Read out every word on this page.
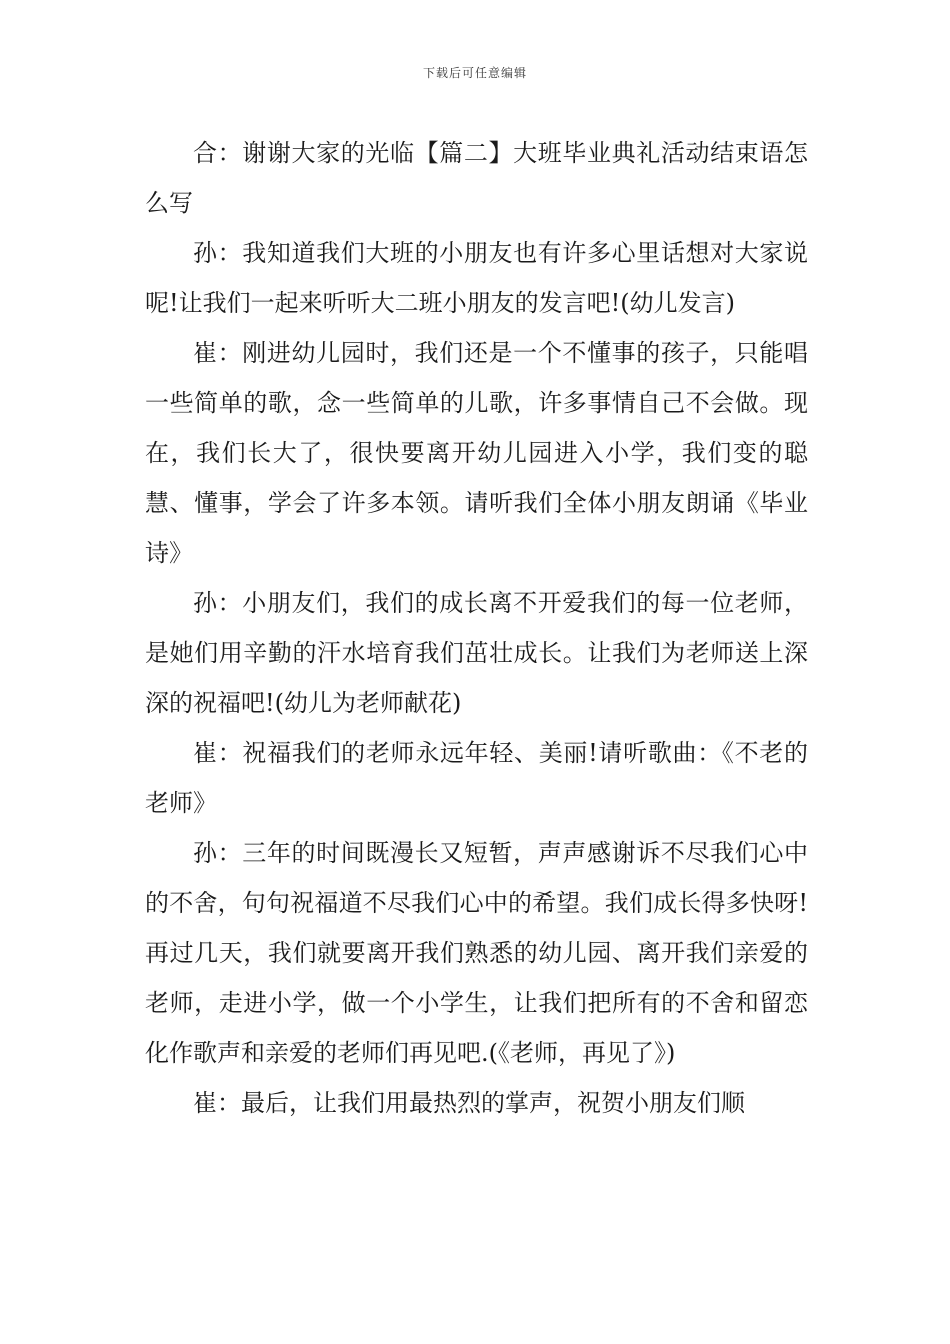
下载后可任意编辑

合：谢谢大家的光临【篇二】大班毕业典礼活动结束语怎么写

孙：我知道我们大班的小朋友也有许多心里话想对大家说呢!让我们一起来听听大二班小朋友的发言吧!(幼儿发言)

崔：刚进幼儿园时，我们还是一个不懂事的孩子，只能唱一些简单的歌，念一些简单的儿歌，许多事情自己不会做。现在，我们长大了，很快要离开幼儿园进入小学，我们变的聪慧、懂事，学会了许多本领。请听我们全体小朋友朗诵《毕业诗》

孙：小朋友们，我们的成长离不开爱我们的每一位老师，是她们用辛勤的汗水培育我们茁壮成长。让我们为老师送上深深的祝福吧!(幼儿为老师献花)

崔：祝福我们的老师永远年轻、美丽!请听歌曲：《不老的老师》

孙：三年的时间既漫长又短暂，声声感谢诉不尽我们心中的不舍，句句祝福道不尽我们心中的希望。我们成长得多快呀!再过几天，我们就要离开我们熟悉的幼儿园、离开我们亲爱的老师，走进小学，做一个小学生，让我们把所有的不舍和留恋化作歌声和亲爱的老师们再见吧.(《老师，再见了》)

崔：最后，让我们用最热烈的掌声，祝贺小朋友们顺
